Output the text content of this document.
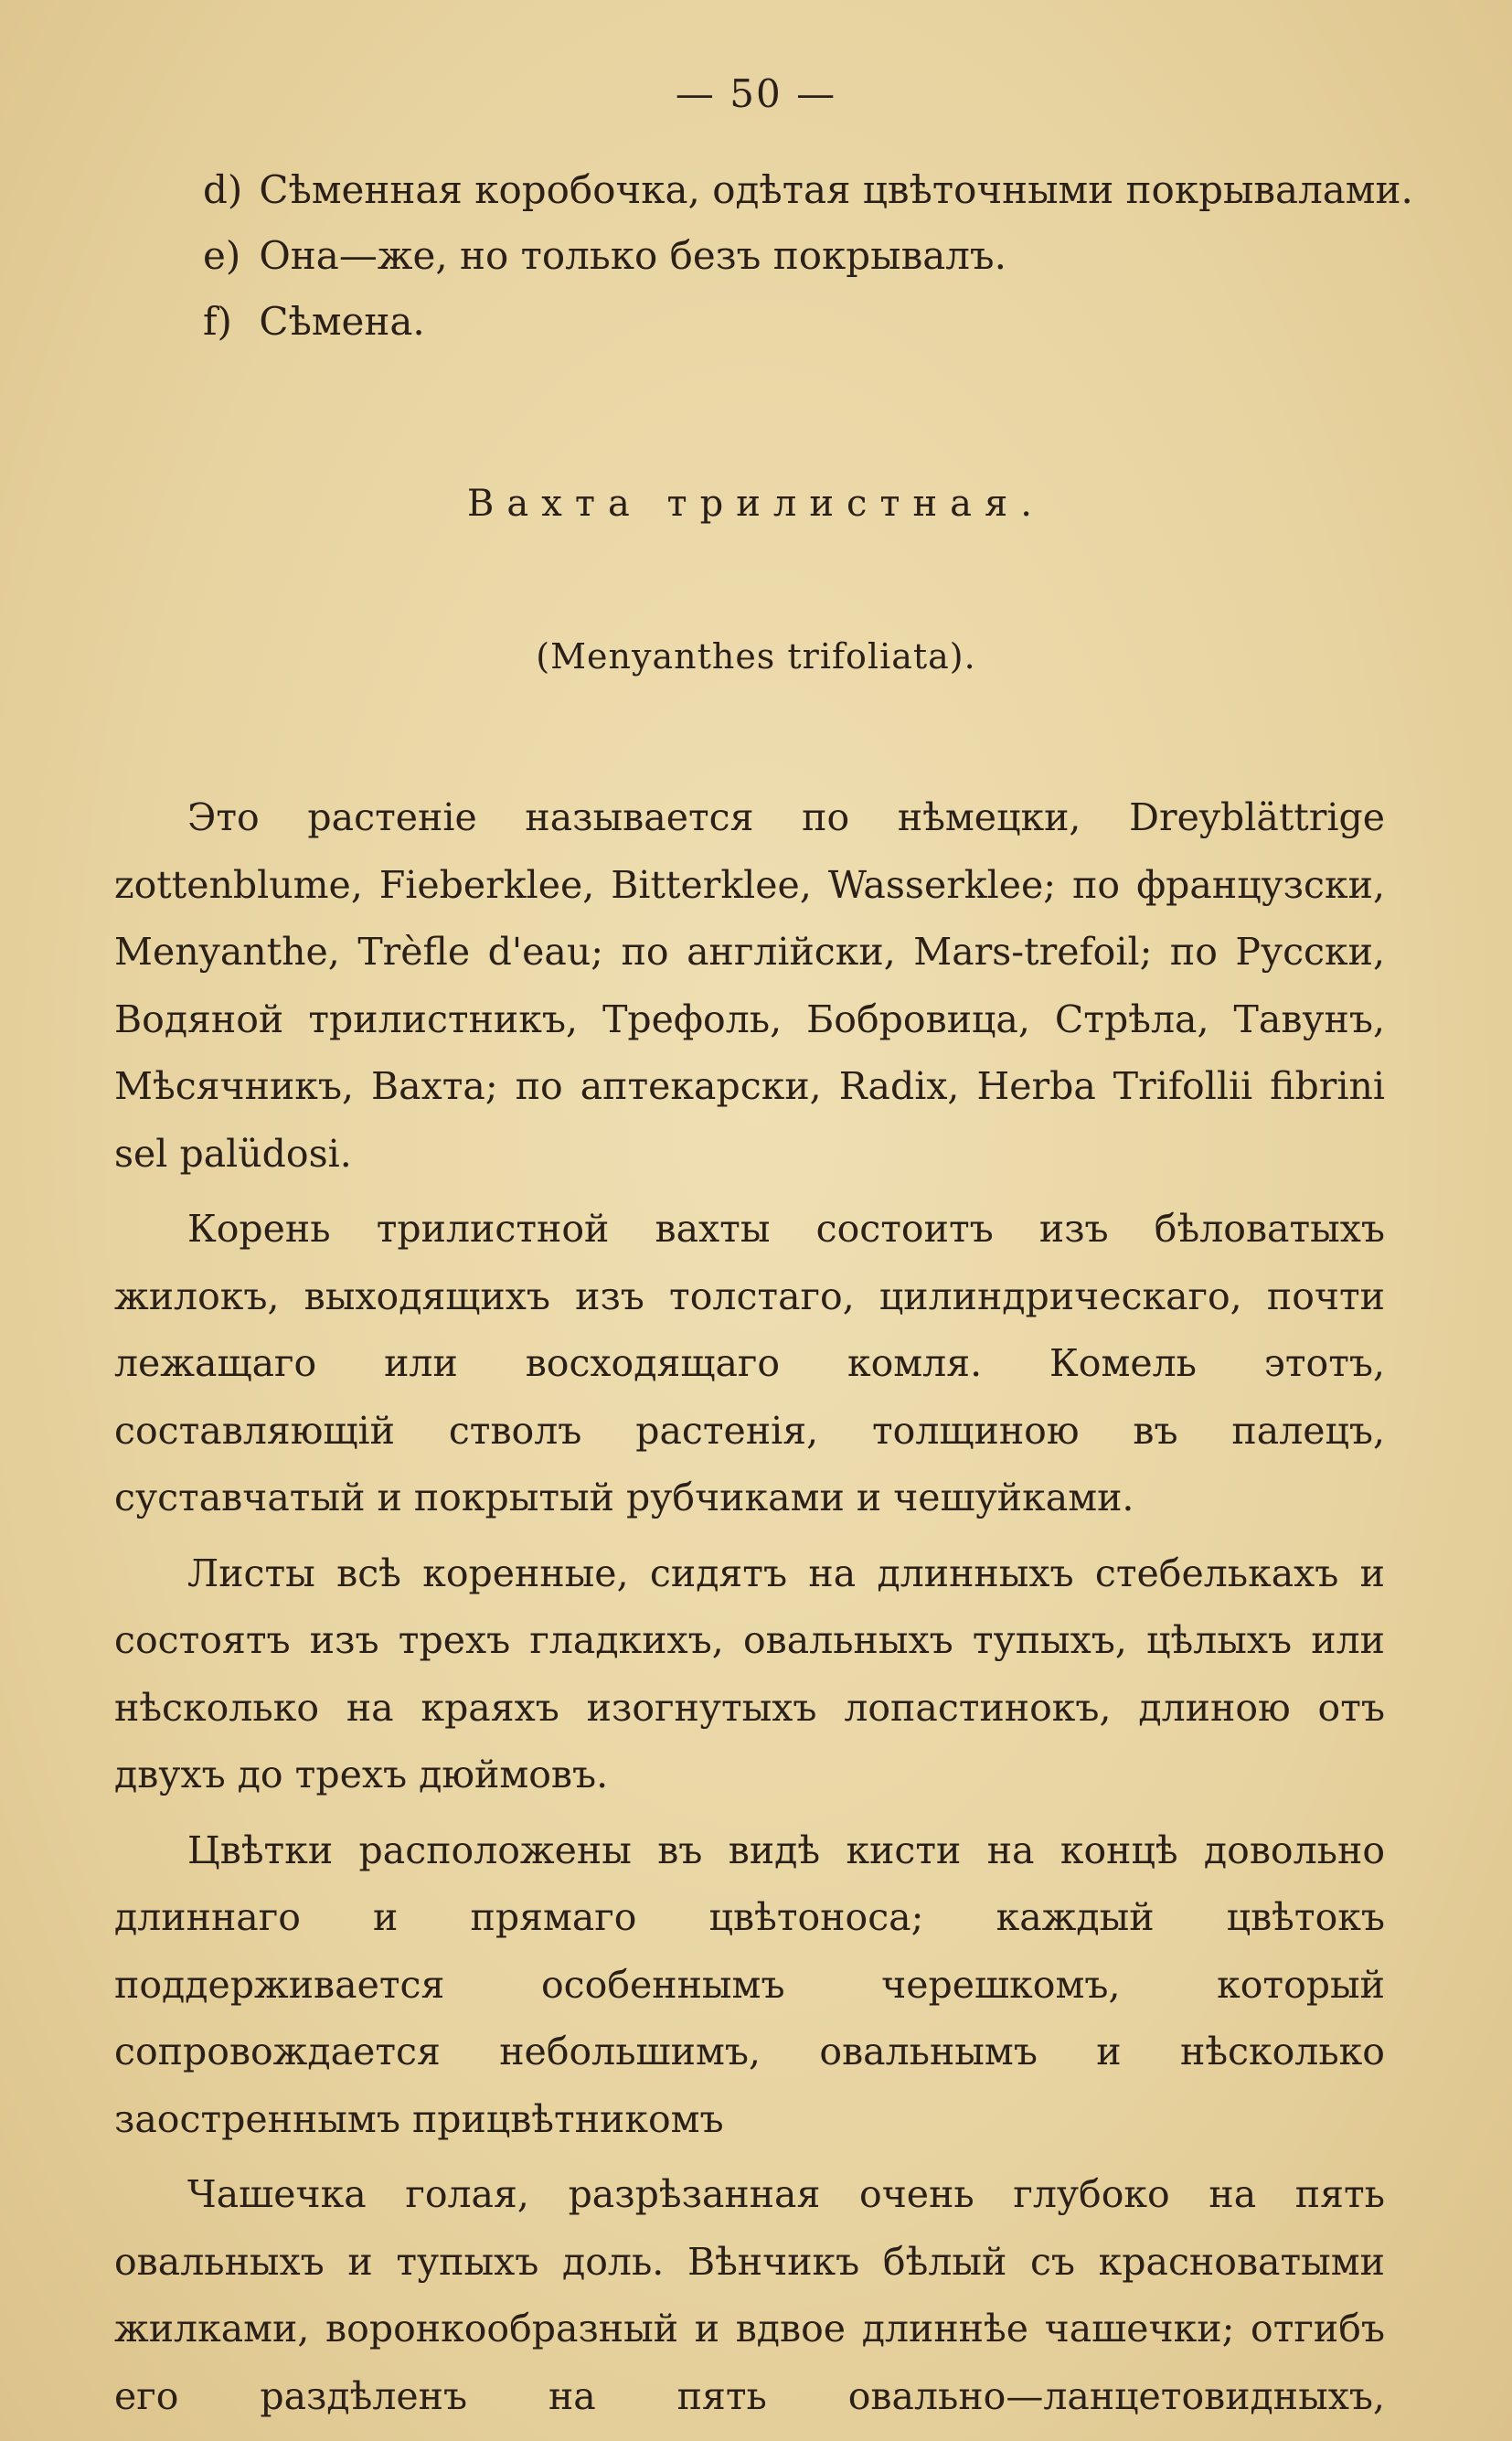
— 50 —
d) Сѣменная коробочка, одѣтая цвѣточными покрывалами.
e) Она—же, но только безъ покрывалъ.
f) Сѣмена.
Вахта трилистная.
(Menyanthes trifoliata).

Это растеніе называется по нѣмецки, Dreyblättrige zottenblume, Fieberklee, Bitterklee, Wasserklee; по французски, Menyanthe, Trèfle d'eau; по англійски, Mars-trefoil; по Русски, Водяной трилистникъ, Трефоль, Бобровица, Стрѣла, Тавунъ, Мѣсячникъ, Вахта; по аптекарски, Radix, Herba Trifollii fibrini sel palüdosi.

Корень трилистной вахты состоитъ изъ бѣловатыхъ жилокъ, выходящихъ изъ толстаго, цилиндрическаго, почти лежащаго или восходящаго комля. Комель этотъ, составляющій стволъ растенія, толщиною въ палецъ, суставчатый и покрытый рубчиками и чешуйками.

Листы всѣ коренные, сидятъ на длинныхъ стебелькахъ и состоятъ изъ трехъ гладкихъ, овальныхъ тупыхъ, цѣлыхъ или нѣсколько на краяхъ изогнутыхъ лопастинокъ, длиною отъ двухъ до трехъ дюймовъ.

Цвѣтки расположены въ видѣ кисти на концѣ довольно длиннаго и прямаго цвѣтоноса; каждый цвѣтокъ поддерживается особеннымъ черешкомъ, который сопровождается небольшимъ, овальнымъ и нѣсколько заостреннымъ прицвѣтникомъ

Чашечка голая, разрѣзанная очень глубоко на пять овальныхъ и тупыхъ доль. Вѣнчикъ бѣлый съ красноватыми жилками, воронкообразный и вдвое длиннѣе чашечки; отгибъ его раздѣленъ на пять овально—ланцетовидныхъ,
